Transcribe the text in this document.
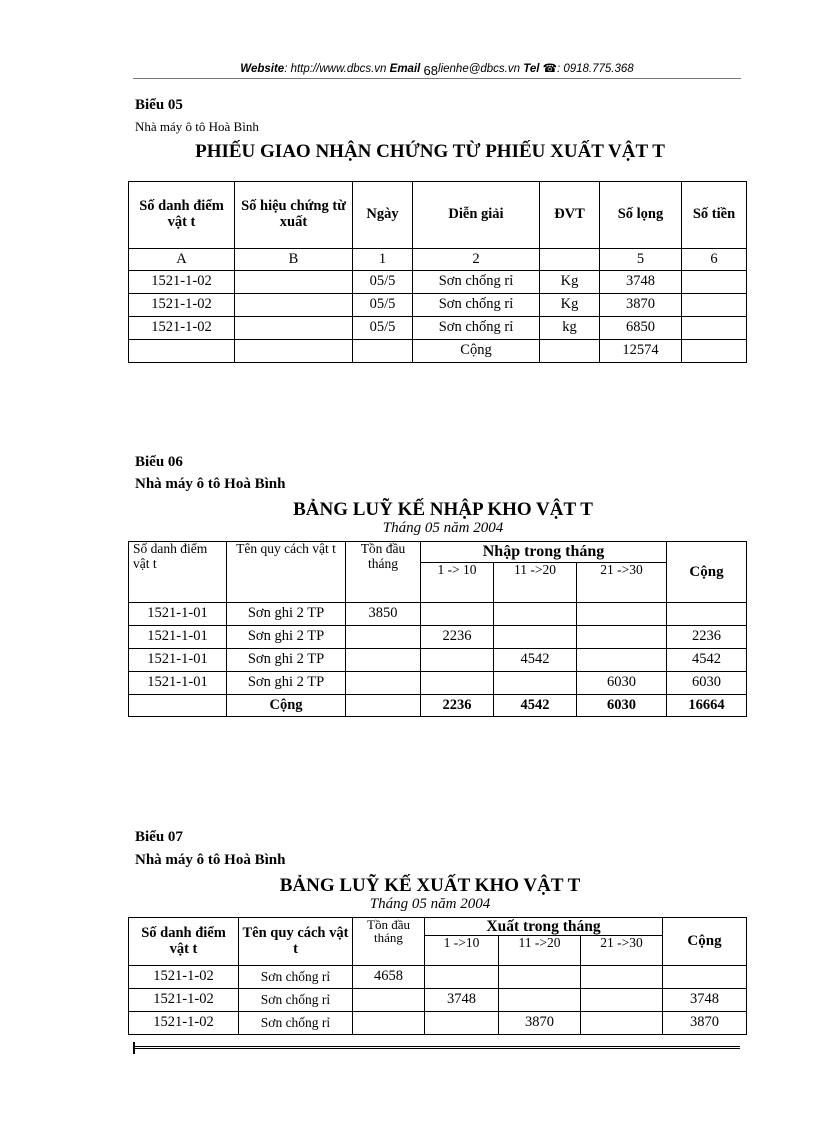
Website: http://www.dbcs.vn Email 68lienhe@dbcs.vn Tel ☎: 0918.775.368
Biểu 05
Nhà máy ô tô Hoà Bình
PHIẾU GIAO NHẬN CHỨNG TỪ PHIẾU XUẤT VẬT T
Số danh điểm vật t	Số hiệu chứng từ xuất	Ngày	Diễn giải	ĐVT	Số lọng	Số tiền
A	B	1	2		5	6
1521-1-02		05/5	Sơn chống rỉ	Kg	3748	
1521-1-02		05/5	Sơn chống rỉ	Kg	3870	
1521-1-02		05/5	Sơn chống rỉ	kg	6850	
			Cộng		12574	
Biểu 06
Nhà máy ô tô Hoà Bình
BẢNG LUỸ KẾ NHẬP KHO VẬT T
Tháng 05 năm 2004
Số danh điểm vật t	Tên quy cách vật t	Tồn đầu tháng	Nhập trong tháng			Cộng
			1 -> 10	11 ->20	21 ->30	
1521-1-01	Sơn ghi 2 TP	3850				
1521-1-01	Sơn ghi 2 TP		2236			2236
1521-1-01	Sơn ghi 2 TP			4542		4542
1521-1-01	Sơn ghi 2 TP				6030	6030
	Cộng		2236	4542	6030	16664
Biểu 07
Nhà máy ô tô Hoà Bình
BẢNG LUỸ KẾ XUẤT KHO VẬT T
Tháng 05 năm 2004
Số danh điểm vật t	Tên quy cách vật t	Tồn đầu tháng	Xuất trong tháng			Cộng
			1 ->10	11 ->20	21 ->30	
1521-1-02	Sơn chống rỉ	4658				
1521-1-02	Sơn chống rỉ		3748			3748
1521-1-02	Sơn chống rỉ			3870		3870
